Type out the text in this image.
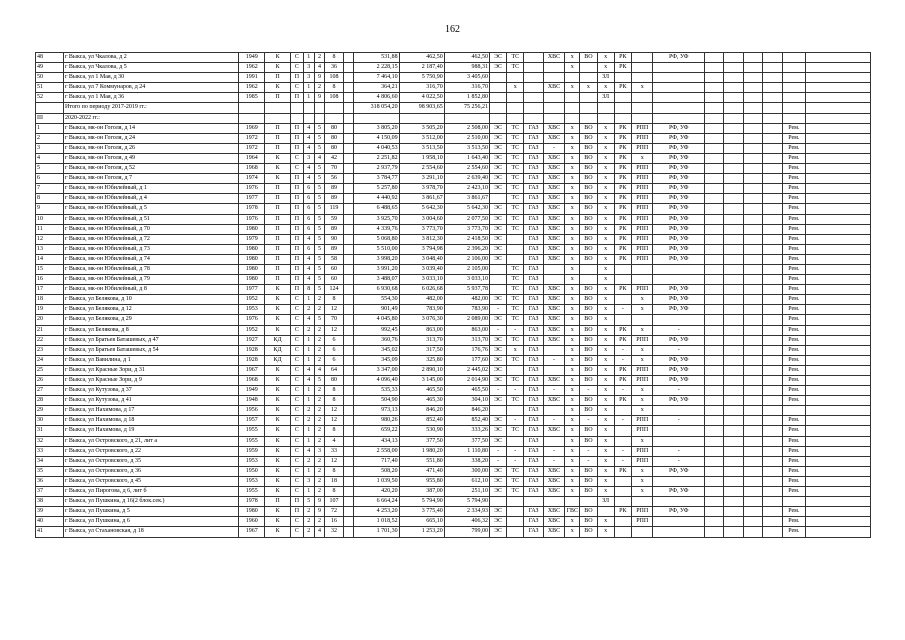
162
48	г Выкса, ул Чкалова, д 2	1949	К	С	1	2	8		531,88	462,50	462,50	ЭС	ТС		ХВС	х	ВО	х	РК		РФ, УФ						
49	г Выкса, ул Чкалова, д 5	1962	К	С	3	4	36		2 228,15	2 187,40	988,31	ЭС	ТС			х		х	РК								
50	г Выкса, ул 1 Мая, д 30	1991	П	П	3	9	108		7 464,10	5 750,90	3 405,60							ЗЛ									
51	г Выкса, ул 7 Коммунаров, д 24	1962	К	С	1	2	8		364,21	316,70	316,70		х		ХВС	х	х	х	РК	х							
52	г Выкса, ул 1 Мая, д 36	1985	П	П	1	9	108		4 806,60	4 022,50	1 852,80							ЗЛ									
	Итого по периоду 2017-2019 гг.:								318 054,20	98 903,65	75 256,21																
III	2020-2022 гг.:																										
1	г Выкса, мк-он Гоголя, д 14	1969	П	П	4	5	80		3 805,20	3 505,20	2 508,00	ЭС	ТС	ГАЗ	ХВС	х	ВО	х	РК	РПП	РФ, УФ					Рем.	
2	г Выкса, мк-он Гоголя, д 24	1972	П	П	4	5	80		4 150,09	3 512,00	2 510,00	ЭС	ТС	ГАЗ	ХВС	х	ВО	х	РК	РПП	РФ, УФ					Рем.	
3	г Выкса, мк-он Гоголя, д 26	1972	П	П	4	5	80		4 040,53	3 513,50	3 513,50	ЭС	ТС	ГАЗ	-	х	ВО	х	РК	РПП	РФ, УФ					Рем.	
4	г Выкса, мк-он Гоголя, д 49	1964	К	С	3	4	42		2 251,82	1 958,10	1 643,40	ЭС	ТС	ГАЗ	ХВС	х	ВО	х	РК	х	РФ, УФ					Рем.	
5	г Выкса, мк-он Гоголя, д 52	1968	К	С	4	5	70		2 937,79	2 554,60	2 554,60	ЭС	ТС	ГАЗ	ХВС	х	ВО	х	РК	РПП	РФ, УФ					Рем.	
6	г Выкса, мк-он Гоголя, д 7	1974	К	П	4	5	56		3 784,77	3 291,10	2 639,40	ЭС	ТС	ГАЗ	ХВС	х	ВО	х	РК	РПП	РФ, УФ					Рем.	
7	г Выкса, мк-он Юбилейный, д 1	1976	П	П	6	5	89		5 257,80	3 978,70	2 423,10	ЭС	ТС	ГАЗ	ХВС	х	ВО	х	РК	РПП	РФ, УФ					Рем.	
8	г Выкса, мк-он Юбилейный, д 4	1977	П	П	6	5	89		4 440,92	3 861,67	3 861,67		ТС	ГАЗ	ХВС	х	ВО	х	РК	РПП	РФ, УФ					Рем.	
9	г Выкса, мк-он Юбилейный, д 5	1978	П	П	6	5	119		6 488,65	5 642,30	5 642,30	ЭС	ТС	ГАЗ	ХВС	х	ВО	х	РК	РПП	РФ, УФ					Рем.	
10	г Выкса, мк-он Юбилейный, д 51	1976	П	П	6	5	59		3 925,70	3 004,60	2 077,50	ЭС	ТС	ГАЗ	ХВС	х	ВО	х	РК	РПП	РФ, УФ					Рем.	
11	г Выкса, мк-он Юбилейный, д 70	1980	П	П	6	5	89		4 339,76	3 773,70	3 773,70	ЭС	ТС	ГАЗ	ХВС	х	ВО	х	РК	РПП	РФ, УФ					Рем.	
12	г Выкса, мк-он Юбилейный, д 72	1979	П	П	4	5	90		5 068,80	3 812,30	2 418,50	ЭС		ГАЗ	ХВС	х	ВО	х	РК	РПП	РФ, УФ					Рем.	
13	г Выкса, мк-он Юбилейный, д 73	1980	П	П	6	5	89		5 510,00	3 794,98	2 396,20	ЭС		ГАЗ	ХВС	х	ВО	х	РК	РПП	РФ, УФ					Рем.	
14	г Выкса, мк-он Юбилейный, д 74	1980	П	П	4	5	58		3 998,20	3 048,40	2 106,00	ЭС		ГАЗ	ХВС	х	ВО	х	РК	РПП	РФ, УФ					Рем.	
15	г Выкса, мк-он Юбилейный, д 78	1980	П	П	4	5	60		3 991,20	3 039,40	2 105,00		ТС	ГАЗ		х		х								Рем.	
16	г Выкса, мк-он Юбилейный, д 79	1980	П	П	4	5	60		3 488,07	3 033,10	3 033,10		ТС	ГАЗ		х		х								Рем.	
17	г Выкса, мк-он Юбилейный, д 8	1977	К	П	8	5	124		6 930,68	6 026,68	5 937,78		ТС	ГАЗ	ХВС	х	ВО	х	РК	РПП	РФ, УФ					Рем.	
18	г Выкса, ул Белякова, д 10	1952	К	С	1	2	8		554,30	482,00	482,00	ЭС	ТС	ГАЗ	ХВС	х	ВО	х		х	РФ, УФ					Рем.	
19	г Выкса, ул Белякова, д 12	1953	К	С	2	2	12		901,49	783,90	783,90	-	ТС	ГАЗ	ХВС	х	ВО	х	-	х	РФ, УФ					Рем.	
20	г Выкса, ул Белякова, д 29	1976	К	С	4	5	70		4 045,80	3 076,30	2 089,00	ЭС	ТС	ГАЗ	ХВС	х	ВО	х								Рем.	
21	г Выкса, ул Белякова, д 8	1952	К	С	2	2	12		992,45	863,00	863,00	-	-	ГАЗ	ХВС	х	ВО	х	РК	х	-					Рем.	
22	г Выкса, ул Братьев Баташевых, д 47	1927	КД	С	1	2	6		360,76	313,70	313,70	ЭС	ТС	ГАЗ	ХВС	х	ВО	х	РК	РПП	РФ, УФ					Рем.	
23	г Выкса, ул Братьев Баташевых, д 54	1928	КД	С	1	2	6		345,02	317,50	176,76	ЭС	х	ГАЗ		х	ВО	х	-	х	-					Рем.	
24	г Выкса, ул Вавилина, д 1	1928	КД	С	1	2	6		345,09	325,80	177,60	ЭС	ТС	ГАЗ	-	х	ВО	х	-	х	РФ, УФ					Рем.	
25	г Выкса, ул Красные Зори, д 31	1967	К	С	4	4	64		3 347,00	2 890,10	2 445,02	ЭС		ГАЗ		х	ВО	х	РК	РПП	РФ, УФ					Рем.	
26	г Выкса, ул Красные Зори, д 9	1968	К	С	4	5	80		4 096,40	3 145,00	2 014,90	ЭС	ТС	ГАЗ	ХВС	х	ВО	х	РК	РПП	РФ, УФ					Рем.	
27	г Выкса, ул Кутузова, д 37	1949	К	С	1	2	8		535,33	465,50	465,50	-	-	ГАЗ	-	х	-	х	-	х	-					Рем.	
28	г Выкса, ул Кутузова, д 41	1948	К	С	1	2	8		504,90	465,30	304,10	ЭС	ТС	ГАЗ	ХВС	х	ВО	х	РК	х	РФ, УФ					Рем.	
29	г Выкса, ул Нахимова, д 17	1956	К	С	2	2	12		973,13	846,20	846,20			ГАЗ		х	ВО	х		х							
30	г Выкса, ул Нахимова, д 18	1957	К	С	2	2	12		980,26	852,40	852,40	ЭС	-	ГАЗ	-	х	-	х	-	РПП	-					Рем.	
31	г Выкса, ул Нахимова, д 19	1955	К	С	1	2	8		659,22	530,90	333,26	ЭС	ТС	ГАЗ	ХВС	х	ВО	х		РПП						Рем.	
32	г Выкса, ул Островского, д 21, лит а	1955	К	С	1	2	4		434,13	377,50	377,50	ЭС		ГАЗ		х	ВО	х		х						Рем.	
33	г Выкса, ул Островского, д 22	1959	К	С	4	3	33		2 558,00	1 980,20	1 110,80	-	-	ГАЗ	-	х	-	х	-	РПП	-					Рем.	
34	г Выкса, ул Островского, д 35	1953	К	С	2	2	12		717,40	551,80	338,20	-	-	ГАЗ	-	х	-	х	-	РПП	-					Рем.	
35	г Выкса, ул Островского, д 36	1950	К	С	1	2	8		508,20	471,40	300,00	ЭС	ТС	ГАЗ	ХВС	х	ВО	х	РК	х	РФ, УФ					Рем.	
36	г Выкса, ул Островского, д 45	1953	К	С	3	2	18		1 039,50	955,80	612,10	ЭС	ТС	ГАЗ	ХВС	х	ВО	х		х						Рем.	
37	г Выкса, ул Пирогова, д 6, лит б	1955	К	С	1	2	8		420,20	387,00	251,10	ЭС	ТС	ГАЗ	ХВС	х	ВО	х		х	РФ, УФ					Рем.	
38	г Выкса, ул Пушкина, д 16(2 блок.сек.)	1978	П	П	5	9	107		6 664,24	5 794,90	5 794,90							ЗЛ									
39	г Выкса, ул Пушкина, д 5	1980	К	П	2	9	72		4 253,20	3 775,40	2 334,93	ЭС		ГАЗ	ХВС	ГВС	ВО		РК	РПП	РФ, УФ					Рем.	
40	г Выкса, ул Пушкина, д 6	1960	К	С	2	2	16		1 018,52	665,10	406,32	ЭС		ГАЗ	ХВС	х	ВО	х		РПП						Рем.	
41	г Выкса, ул Стахановская, д 18	1967	К	С	2	4	32		1 701,30	1 253,20	799,00	ЭС		ГАЗ	ХВС	х	ВО	х								Рем.	
